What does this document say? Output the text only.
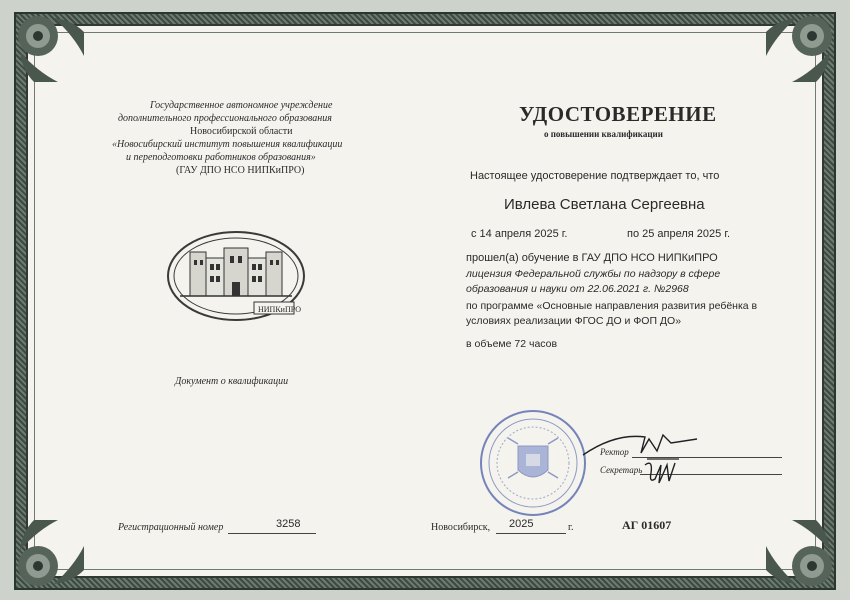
Государственное автономное учреждение
дополнительного профессионального образования
Новосибирской области
«Новосибирский институт повышения квалификации
и переподготовки работников образования»
(ГАУ ДПО НСО НИПКиПРО)
НИПКиПРО
Документ о квалификации
УДОСТОВЕРЕНИЕ
о повышении квалификации
Настоящее удостоверение подтверждает то, что
Ивлева Светлана Сергеевна
с 14 апреля 2025 г.	по 25 апреля 2025 г.
прошел(а) обучение в ГАУ ДПО НСО НИПКиПРО
лицензия Федеральной службы по надзору в сфере
образования и науки от 22.06.2021 г. №2968
по программе «Основные направления развития ребёнка в
условиях реализации ФГОС ДО и ФОП ДО»
в объеме 72 часов
Ректор
Секретарь
Регистрационный номер	3258	Новосибирск, 2025	г.	АГ 01607
